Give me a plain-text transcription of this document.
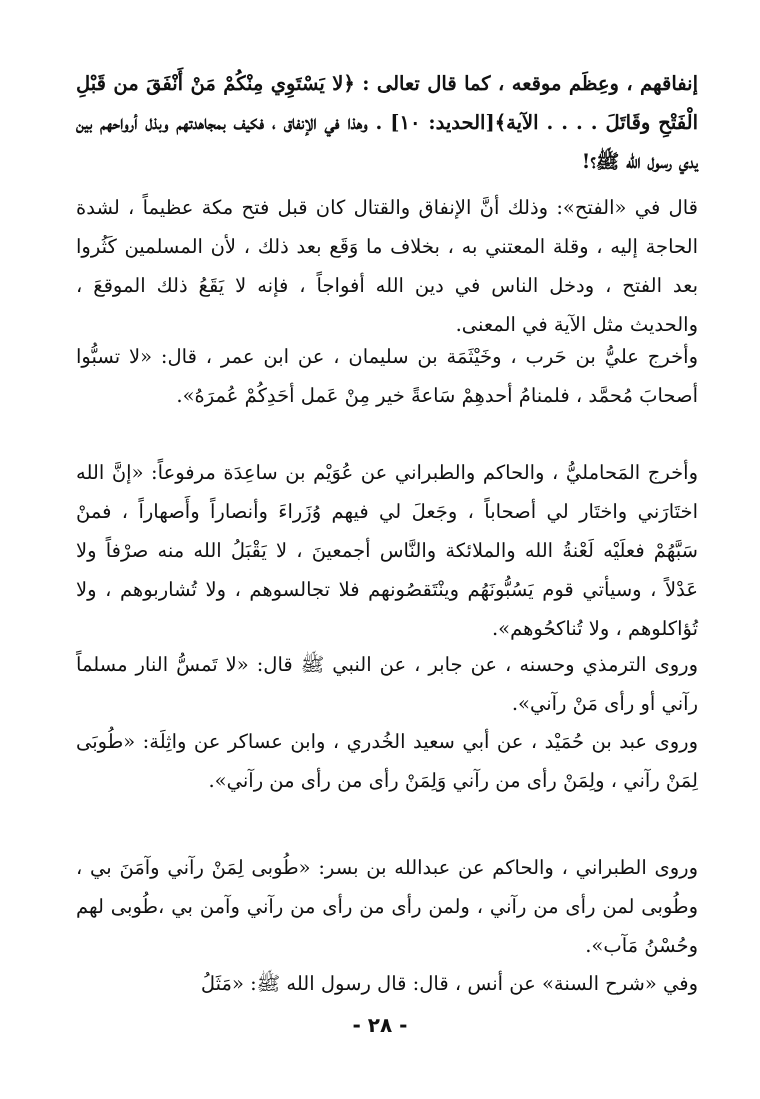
إنفاقهم ، وعِظَم موقعه ، كما قال تعالى : ﴿لا يَسْتَوِي مِنْكُمْ مَنْ أَنْفَقَ من قَبْلِ الْفَتْحِ وقَاتَلَ . . . . الآية﴾[الحديد: ١٠] . وهذا في الإنفاق ، فكيف بمجاهدتهم وبذل أرواحهم بين يدي رسول الله ﷺ؟!

قال في «الفتح»: وذلك أنَّ الإنفاق والقتال كان قبل فتح مكة عظيماً ، لشدة الحاجة إليه ، وقلة المعتني به ، بخلاف ما وَقَع بعد ذلك ، لأن المسلمين كَثُروا بعد الفتح ، ودخل الناس في دين الله أفواجاً ، فإنه لا يَقَعُ ذلك الموقعَ ، والحديث مثل الآية في المعنى.

وأخرج عليُّ بن حَرب ، وخَيْثَمَة بن سليمان ، عن ابن عمر ، قال: «لا تسبُّوا أصحابَ مُحمَّد ، فلمنامُ أحدهِمْ سَاعةً خير مِنْ عَمل أحَدِكُمْ عُمرَهُ».

وأخرج المَحامليُّ ، والحاكم والطبراني عن عُوَيْم بن ساعِدَة مرفوعاً: «إنَّ الله اختَارَني واختَار لي أصحاباً ، وجَعلَ لي فيهم وُزَراءَ وأنصاراً وأَصهاراً ، فمنْ سَبَّهُمْ فعلَيْه لَعْنةُ الله والملائكة والنَّاس أجمعينَ ، لا يَقْبَلُ الله منه صرْفاً ولا عَدْلاً ، وسيأتي قوم يَسُبُّونَهُم وينْتَقصُونهم فلا تجالسوهم ، ولا تُشاربوهم ، ولا تُؤاكلوهم ، ولا تُناكحُوهم».

وروى الترمذي وحسنه ، عن جابر ، عن النبي ﷺ قال: «لا تَمسُّ النار مسلماً رآني أو رأى مَنْ رآني».

وروى عبد بن حُمَيْد ، عن أبي سعيد الخُدري ، وابن عساكر عن واثِلَة: «طُوبَى لِمَنْ رآني ، ولِمَنْ رأى من رآني وَلِمَنْ رأى من رأى من رآني».

وروى الطبراني ، والحاكم عن عبدالله بن بسر: «طُوبى لِمَنْ رآني وآمَنَ بي ، وطُوبى لمن رأى من رآني ، ولمن رأى من رأى من رآني وآمن بي ،طُوبى لهم وحُسْنُ مَآب».

وفي «شرح السنة» عن أنس ، قال: قال رسول الله ﷺ: «مَثَلُ

- ٢٨ -
